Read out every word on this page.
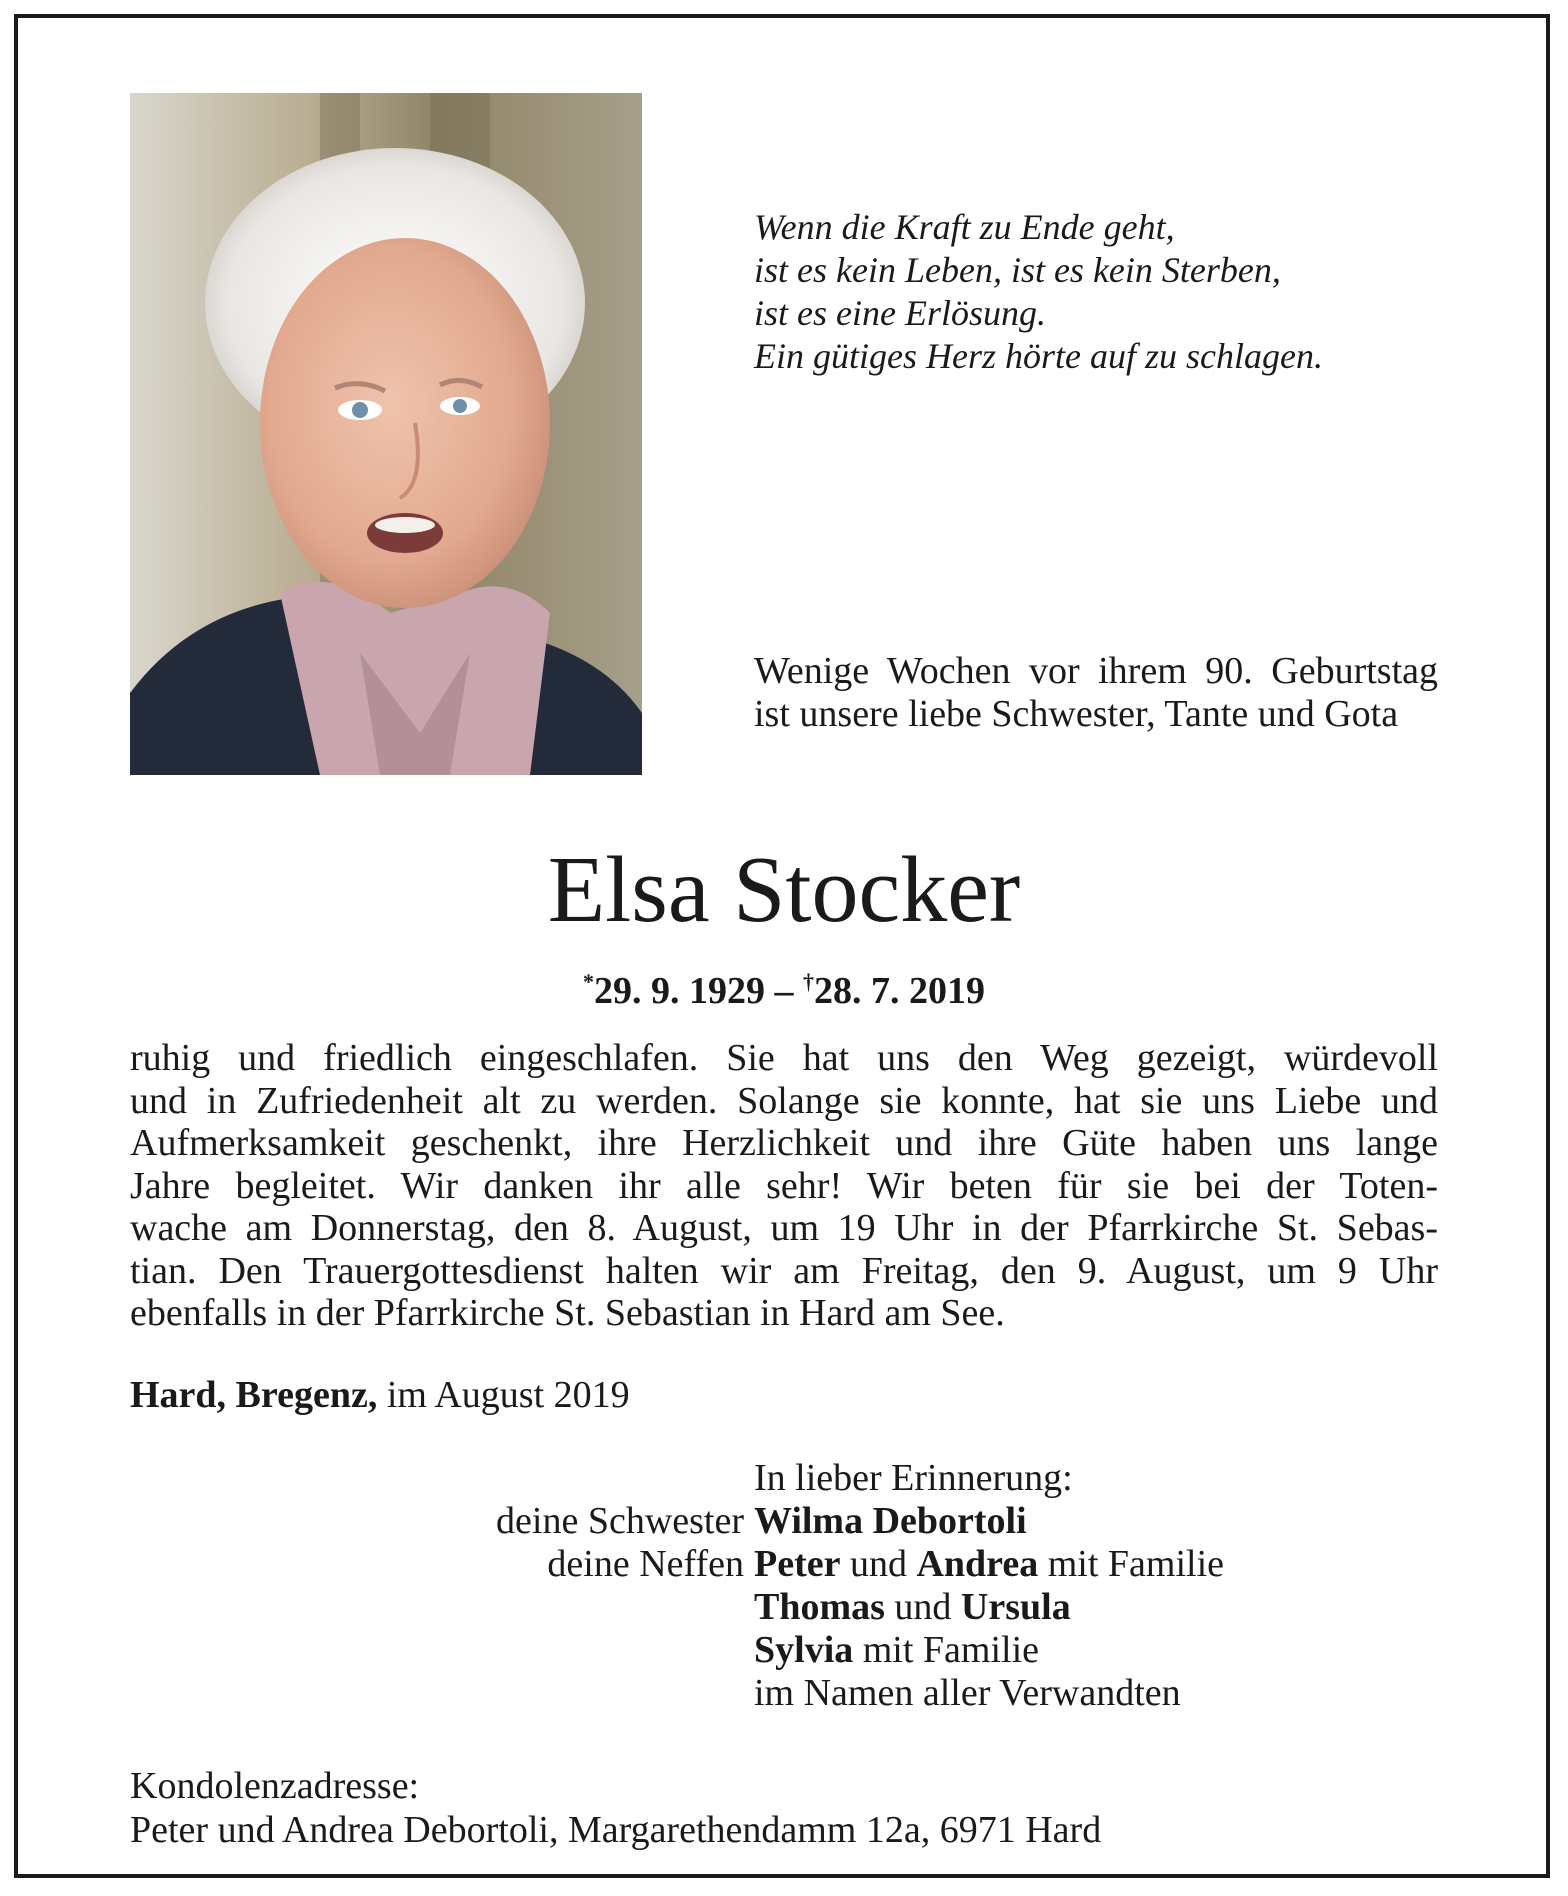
Wenn die Kraft zu Ende geht,
ist es kein Leben, ist es kein Sterben,
ist es eine Erlösung.
Ein gütiges Herz hörte auf zu schlagen.
Wenige Wochen vor ihrem 90. Geburtstag ist unsere liebe Schwester, Tante und Gota
Elsa Stocker
*29. 9. 1929 – †28. 7. 2019
ruhig und friedlich eingeschlafen. Sie hat uns den Weg gezeigt, würdevoll
und in Zufriedenheit alt zu werden. Solange sie konnte, hat sie uns Liebe und
Aufmerksamkeit geschenkt, ihre Herzlichkeit und ihre Güte haben uns lange
Jahre begleitet. Wir danken ihr alle sehr! Wir beten für sie bei der Toten-
wache am Donnerstag, den 8. August, um 19 Uhr in der Pfarrkirche St. Sebas-
tian. Den Trauergottesdienst halten wir am Freitag, den 9. August, um 9 Uhr
ebenfalls in der Pfarrkirche St. Sebastian in Hard am See.
Hard, Bregenz, im August 2019
In lieber Erinnerung:
deine Schwester Wilma Debortoli
deine Neffen Peter und Andrea mit Familie
Thomas und Ursula
Sylvia mit Familie
im Namen aller Verwandten
Kondolenzadresse:
Peter und Andrea Debortoli, Margarethendamm 12a, 6971 Hard
